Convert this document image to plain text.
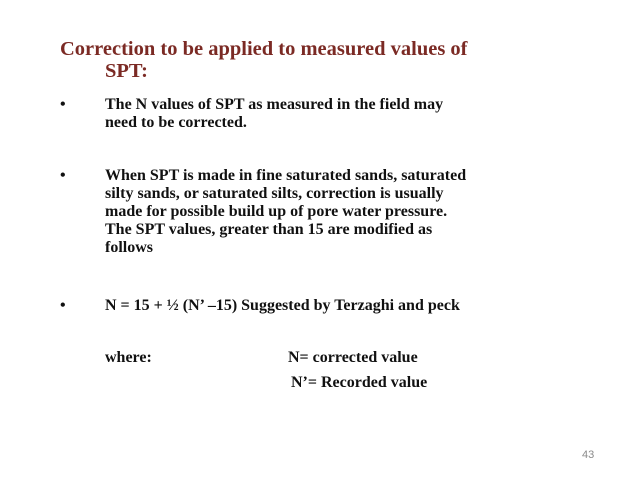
Correction to be applied to measured values of
SPT:
• The N values of SPT as measured in the field may
need to be corrected.
• When SPT is made in fine saturated sands, saturated
silty sands, or saturated silts, correction is usually
made for possible build up of pore water pressure.
The SPT values, greater than 15 are modified as
follows
• N = 15 + ½ (N’ –15) Suggested by Terzaghi and peck
where:	N= corrected value
N’= Recorded value
43
